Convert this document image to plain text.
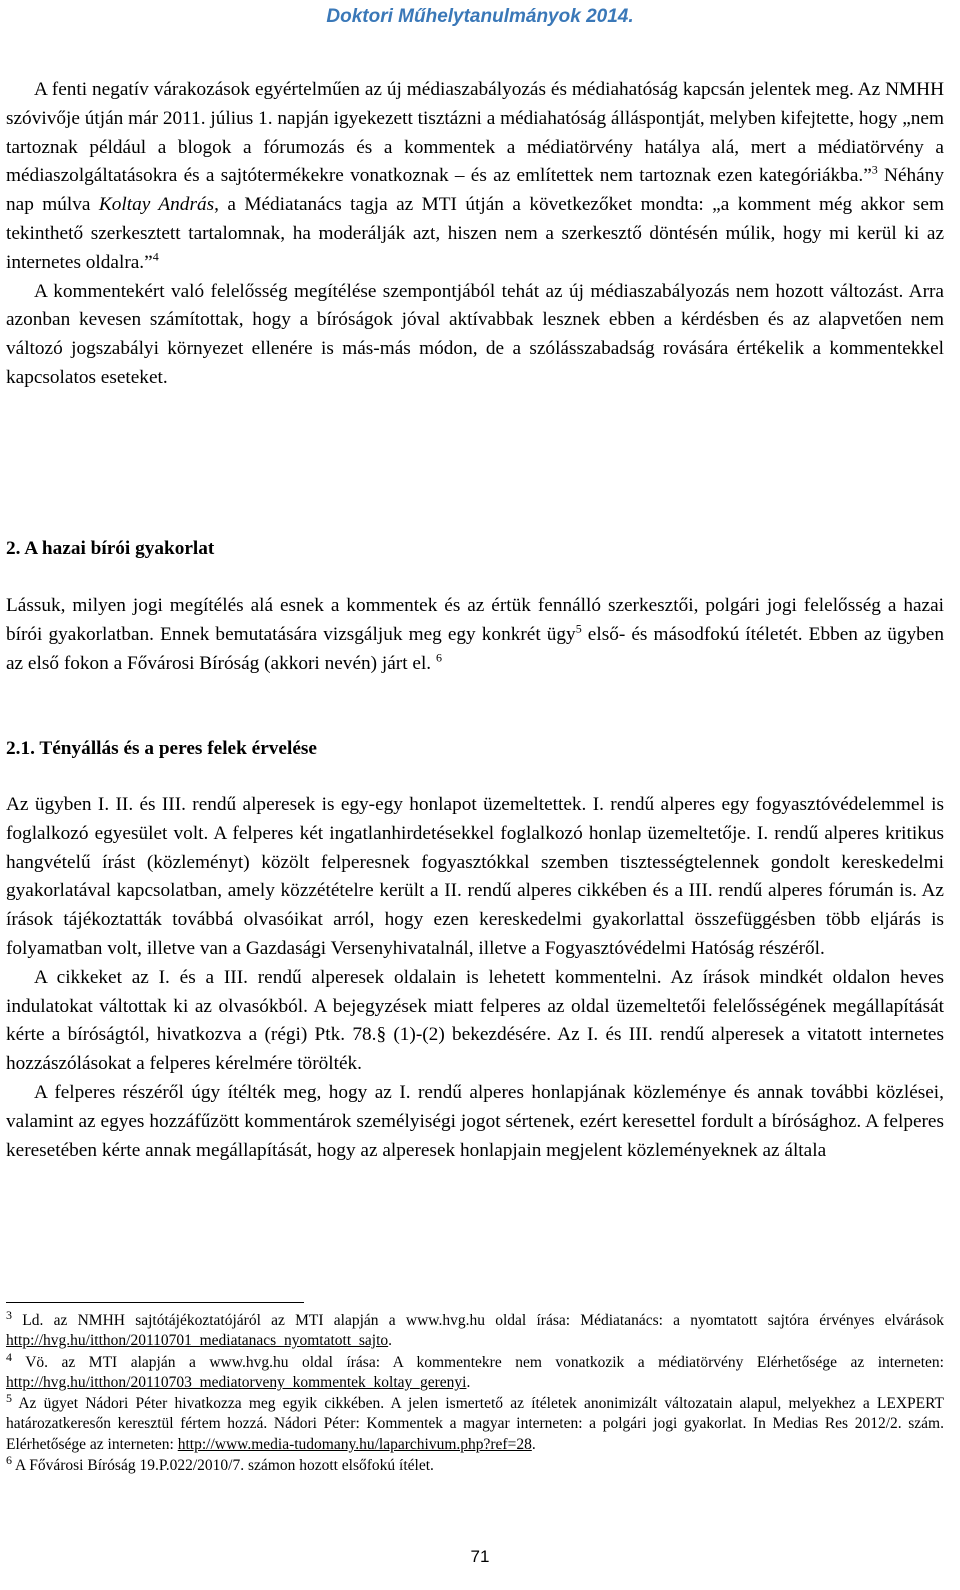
Doktori Műhelytanulmányok 2014.

A fenti negatív várakozások egyértelműen az új médiaszabályozás és médiahatóság kapcsán jelentek meg. Az NMHH szóvivője útján már 2011. július 1. napján igyekezett tisztázni a médiahatóság álláspontját, melyben kifejtette, hogy „nem tartoznak például a blogok a fórumozás és a kommentek a médiatörvény hatálya alá, mert a médiatörvény a médiaszolgáltatásokra és a sajtótermékekre vonatkoznak – és az említettek nem tartoznak ezen kategóriákba.”$^3$ Néhány nap múlva Koltay András, a Médiatanács tagja az MTI útján a következőket mondta: „a komment még akkor sem tekinthető szerkesztett tartalomnak, ha moderálják azt, hiszen nem a szerkesztő döntésén múlik, hogy mi kerül ki az internetes oldalra.”$^4$

A kommentekért való felelősség megítélése szempontjából tehát az új médiaszabályozás nem hozott változást. Arra azonban kevesen számítottak, hogy a bíróságok jóval aktívabbak lesznek ebben a kérdésben és az alapvetően nem változó jogszabályi környezet ellenére is más-más módon, de a szólásszabadság rovására értékelik a kommentekkel kapcsolatos eseteket.

2. A hazai bírói gyakorlat

Lássuk, milyen jogi megítélés alá esnek a kommentek és az értük fennálló szerkesztői, polgári jogi felelősség a hazai bírói gyakorlatban. Ennek bemutatására vizsgáljuk meg egy konkrét ügy$^5$ első- és másodfokú ítéletét. Ebben az ügyben az első fokon a Fővárosi Bíróság (akkori nevén) járt el. $^6$

2.1. Tényállás és a peres felek érvelése

Az ügyben I. II. és III. rendű alperesek is egy-egy honlapot üzemeltettek. I. rendű alperes egy fogyasztóvédelemmel is foglalkozó egyesület volt. A felperes két ingatlanhirdetésekkel foglalkozó honlap üzemeltetője. I. rendű alperes kritikus hangvételű írást (közleményt) közölt felperesnek fogyasztókkal szemben tisztességtelennek gondolt kereskedelmi gyakorlatával kapcsolatban, amely közzétételre került a II. rendű alperes cikkében és a III. rendű alperes fórumán is. Az írások tájékoztatták továbbá olvasóikat arról, hogy ezen kereskedelmi gyakorlattal összefüggésben több eljárás is folyamatban volt, illetve van a Gazdasági Versenyhivatalnál, illetve a Fogyasztóvédelmi Hatóság részéről.

A cikkeket az I. és a III. rendű alperesek oldalain is lehetett kommentelni. Az írások mindkét oldalon heves indulatokat váltottak ki az olvasókból. A bejegyzések miatt felperes az oldal üzemeltetői felelősségének megállapítását kérte a bíróságtól, hivatkozva a (régi) Ptk. 78.§ (1)-(2) bekezdésére. Az I. és III. rendű alperesek a vitatott internetes hozzászólásokat a felperes kérelmére törölték.

A felperes részéről úgy ítélték meg, hogy az I. rendű alperes honlapjának közleménye és annak további közlései, valamint az egyes hozzáfűzött kommentárok személyiségi jogot sértenek, ezért keresettel fordult a bírósághoz. A felperes keresetében kérte annak megállapítását, hogy az alperesek honlapjain megjelent közleményeknek az általa

$^3$ Ld. az NMHH sajtótájékoztatójáról az MTI alapján a www.hvg.hu oldal írása: Médiatanács: a nyomtatott sajtóra érvényes elvárások http://hvg.hu/itthon/20110701_mediatanacs_nyomtatott_sajto.

$^4$ Vö. az MTI alapján a www.hvg.hu oldal írása: A kommentekre nem vonatkozik a médiatörvény Elérhetősége az interneten: http://hvg.hu/itthon/20110703_mediatorveny_kommentek_koltay_gerenyi.

$^5$ Az ügyet Nádori Péter hivatkozza meg egyik cikkében. A jelen ismertető az ítéletek anonimizált változatain alapul, melyekhez a LEXPERT határozatkeresőn keresztül fértem hozzá. Nádori Péter: Kommentek a magyar interneten: a polgári jogi gyakorlat. In Medias Res 2012/2. szám. Elérhetősége az interneten: http://www.media-tudomany.hu/laparchivum.php?ref=28.

$^6$ A Fővárosi Bíróság 19.P.022/2010/7. számon hozott elsőfokú ítélet.

71
